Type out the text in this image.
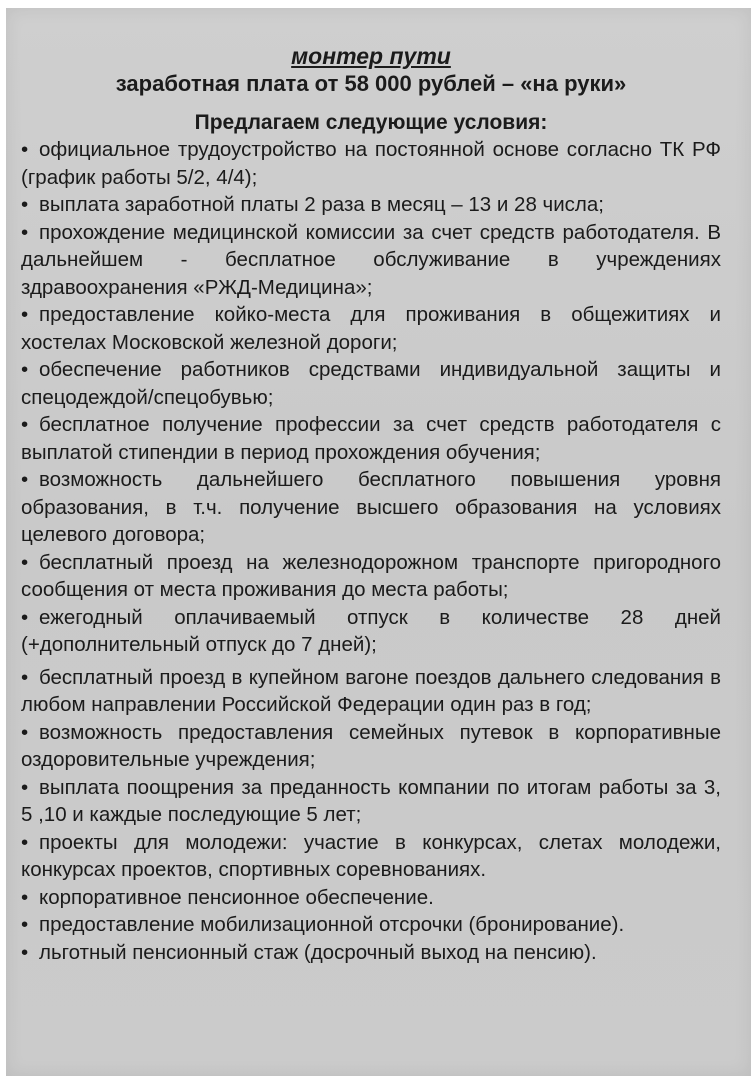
монтер пути

заработная плата от 58 000 рублей – «на руки»

Предлагаем следующие условия:

• официальное трудоустройство на постоянной основе согласно ТК РФ (график работы 5/2, 4/4);
• выплата заработной платы 2 раза в месяц – 13 и 28 числа;
• прохождение медицинской комиссии за счет средств работодателя. В дальнейшем - бесплатное обслуживание в учреждениях здравоохранения «РЖД-Медицина»;
• предоставление койко-места для проживания в общежитиях и хостелах Московской железной дороги;
• обеспечение работников средствами индивидуальной защиты и спецодеждой/спецобувью;
• бесплатное получение профессии за счет средств работодателя с выплатой стипендии в период прохождения обучения;
• возможность дальнейшего бесплатного повышения уровня образования, в т.ч. получение высшего образования на условиях целевого договора;
• бесплатный проезд на железнодорожном транспорте пригородного сообщения от места проживания до места работы;
• ежегодный оплачиваемый отпуск в количестве 28 дней (+дополнительный отпуск до 7 дней);
• бесплатный проезд в купейном вагоне поездов дальнего следования в любом направлении Российской Федерации один раз в год;
• возможность предоставления семейных путевок в корпоративные оздоровительные учреждения;
• выплата поощрения за преданность компании по итогам работы за 3, 5 ,10 и каждые последующие 5 лет;
• проекты для молодежи: участие в конкурсах, слетах молодежи, конкурсах проектов, спортивных соревнованиях.
• корпоративное пенсионное обеспечение.
• предоставление мобилизационной отсрочки (бронирование).
• льготный пенсионный стаж (досрочный выход на пенсию).
